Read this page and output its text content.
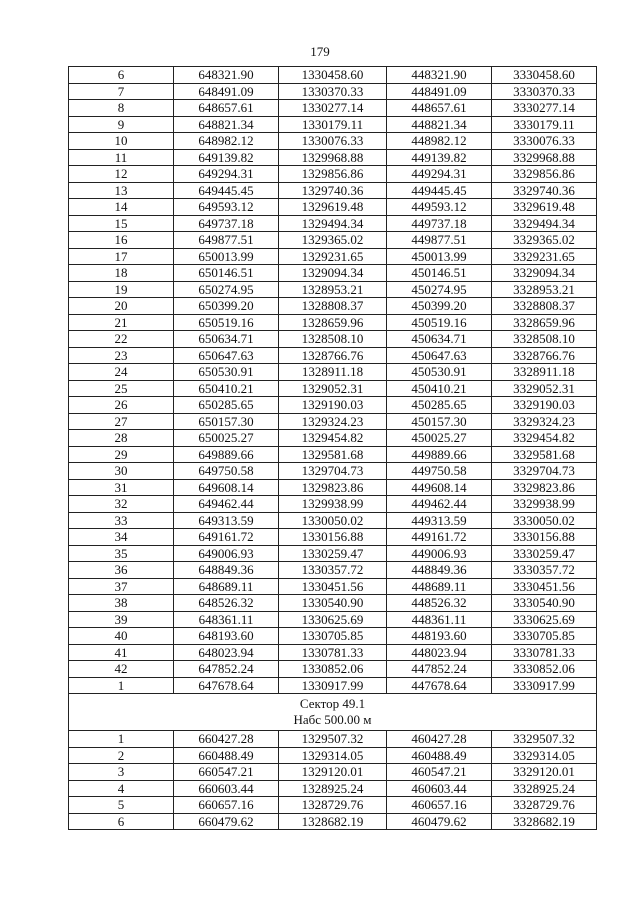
179
6	648321.90	1330458.60	448321.90	3330458.60
7	648491.09	1330370.33	448491.09	3330370.33
8	648657.61	1330277.14	448657.61	3330277.14
9	648821.34	1330179.11	448821.34	3330179.11
10	648982.12	1330076.33	448982.12	3330076.33
11	649139.82	1329968.88	449139.82	3329968.88
12	649294.31	1329856.86	449294.31	3329856.86
13	649445.45	1329740.36	449445.45	3329740.36
14	649593.12	1329619.48	449593.12	3329619.48
15	649737.18	1329494.34	449737.18	3329494.34
16	649877.51	1329365.02	449877.51	3329365.02
17	650013.99	1329231.65	450013.99	3329231.65
18	650146.51	1329094.34	450146.51	3329094.34
19	650274.95	1328953.21	450274.95	3328953.21
20	650399.20	1328808.37	450399.20	3328808.37
21	650519.16	1328659.96	450519.16	3328659.96
22	650634.71	1328508.10	450634.71	3328508.10
23	650647.63	1328766.76	450647.63	3328766.76
24	650530.91	1328911.18	450530.91	3328911.18
25	650410.21	1329052.31	450410.21	3329052.31
26	650285.65	1329190.03	450285.65	3329190.03
27	650157.30	1329324.23	450157.30	3329324.23
28	650025.27	1329454.82	450025.27	3329454.82
29	649889.66	1329581.68	449889.66	3329581.68
30	649750.58	1329704.73	449750.58	3329704.73
31	649608.14	1329823.86	449608.14	3329823.86
32	649462.44	1329938.99	449462.44	3329938.99
33	649313.59	1330050.02	449313.59	3330050.02
34	649161.72	1330156.88	449161.72	3330156.88
35	649006.93	1330259.47	449006.93	3330259.47
36	648849.36	1330357.72	448849.36	3330357.72
37	648689.11	1330451.56	448689.11	3330451.56
38	648526.32	1330540.90	448526.32	3330540.90
39	648361.11	1330625.69	448361.11	3330625.69
40	648193.60	1330705.85	448193.60	3330705.85
41	648023.94	1330781.33	448023.94	3330781.33
42	647852.24	1330852.06	447852.24	3330852.06
1	647678.64	1330917.99	447678.64	3330917.99

Сектор 49.1
Набс 500.00 м				

1	660427.28	1329507.32	460427.28	3329507.32
2	660488.49	1329314.05	460488.49	3329314.05
3	660547.21	1329120.01	460547.21	3329120.01
4	660603.44	1328925.24	460603.44	3328925.24
5	660657.16	1328729.76	460657.16	3328729.76
6	660479.62	1328682.19	460479.62	3328682.19
